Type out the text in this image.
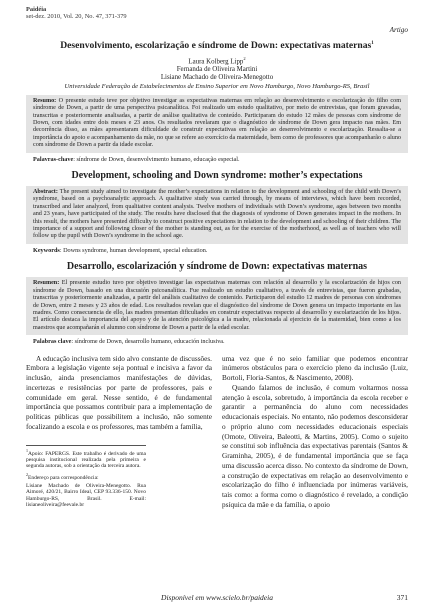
Paidéia
set-dez. 2010, Vol. 20, No. 47, 371-379
Artigo
Desenvolvimento, escolarização e síndrome de Down: expectativas maternas$^1$
Laura Kolberg Lipp$^2$
Fernanda de Oliveira Martini
Lisiane Machado de Oliveira-Menegotto
Universidade Federação de Estabelecimentos de Ensino Superior em Novo Hamburgo, Novo Hamburgo-RS, Brasil
Resumo: O presente estudo teve por objetivo investigar as expectativas maternas em relação ao desenvolvimento e escolarização do filho com síndrome de Down, a partir de uma perspectiva psicanalítica. Foi realizado um estudo qualitativo, por meio de entrevistas, que foram gravadas, transcritas e posteriormente analisadas, a partir de análise qualitativa de conteúdo. Participaram do estudo 12 mães de pessoas com síndrome de Down, com idades entre dois meses e 23 anos. Os resultados revelaram que o diagnóstico de síndrome de Down gera impacto nas mães. Em decorrência disso, as mães apresentaram dificuldade de construir expectativas em relação ao desenvolvimento e escolarização. Ressalta-se a importância do apoio e acompanhamento da mãe, no que se refere ao exercício da maternidade, bem como de professores que acompanharão o aluno com síndrome de Down a partir da idade escolar.
Palavras-chave: síndrome de Down, desenvolvimento humano, educação especial.
Development, schooling and Down syndrome: mother’s expectations
Abstract: The present study aimed to investigate the mother’s expectations in relation to the development and schooling of the child with Down’s syndrome, based on a psychoanalytic approach. A qualitative study was carried through, by means of interviews, which have been recorded, transcribed and later analyzed, from qualitative content analysis. Twelve mothers of individuals with Down’s syndrome, ages between two months and 23 years, have participated of the study. The results have disclosed that the diagnosis of syndrome of Down generates impact in the mothers. In this result, the mothers have presented difficulty to construct positive expectations in relation to the development and schooling of their children. The importance of a support and following closer of the mother is standing out, as for the exercise of the motherhood, as well as of teachers who will follow up the pupil with Down’s syndrome in the school age.
Keywords: Downs syndrome, human development, special education.
Desarrollo, escolarización y síndrome de Down: expectativas maternas
Resumen: El presente estudio tuvo por objetivo investigar las expectativas maternas con relación al desarrollo y la escolarización de hijos con síndrome de Down, basado en una discusión psicoanalítica. Fue realizado un estudio cualitativo, a través de entrevistas, que fueron grabadas, transcritas y posteriormente analizadas, a partir del análisis cualitativo de contenido. Participaron del estudio 12 madres de personas con síndromes de Down, entre 2 meses y 23 años de edad. Los resultados revelan que el diagnóstico del síndrome de Down genera un impacto importante en las madres. Como consecuencia de ello, las madres presentan dificultades en construir expectativas respecto al desarrollo y escolarización de los hijos. El artículo destaca la importancia del apoyo y de la atención psicológica a la madre, relacionada al ejercicio de la maternidad, bien como a los maestros que acompañarán el alumno con síndrome de Down a partir de la edad escolar.
Palabras clave: síndrome de Down, desarrollo humano, educación inclusiva.

A educação inclusiva tem sido alvo constante de discussões. Embora a legislação vigente seja pontual e incisiva a favor da inclusão, ainda presenciamos manifestações de dúvidas, incertezas e resistências por parte de professores, pais e comunidade em geral. Nesse sentido, é de fundamental importância que possamos contribuir para a implementação de políticas públicas que possibilitem a inclusão, não somente focalizando a escola e os professores, mas também a família,

$^1$Apoio: FAPERGS. Este trabalho é derivado de uma pesquisa institucional realizada pela primeira e segunda autoras, sob a orientação da terceira autora.
$^2$Endereço para correspondência:
Lisiane Machado de Oliveira-Menegotto. Rua Aimoré, 420/21, Bairro Ideal, CEP 93.336-150. Novo Hamburgo-RS, Brasil. E-mail: lisianeoliveira@feevale.br

uma vez que é no seio familiar que podemos encontrar inúmeros obstáculos para o exercício pleno da inclusão (Luiz, Bortoli, Floria-Santos, & Nascimento, 2008).

Quando falamos de inclusão, é comum voltarmos nossa atenção à escola, sobretudo, à importância da escola receber e garantir a permanência do aluno com necessidades educacionais especiais. No entanto, não podemos desconsiderar o próprio aluno com necessidades educacionais especiais (Omote, Oliveira, Baleotti, & Martins, 2005). Como o sujeito se constitui sob influência das expectativas parentais (Santos & Graminha, 2005), é de fundamental importância que se faça uma discussão acerca disso. No contexto da síndrome de Down, a construção de expectativas em relação ao desenvolvimento e escolarização do filho é influenciada por inúmeras variáveis, tais como: a forma como o diagnóstico é revelado, a condição psíquica da mãe e da família, o apoio

Disponível em www.scielo.br/paideia	371
